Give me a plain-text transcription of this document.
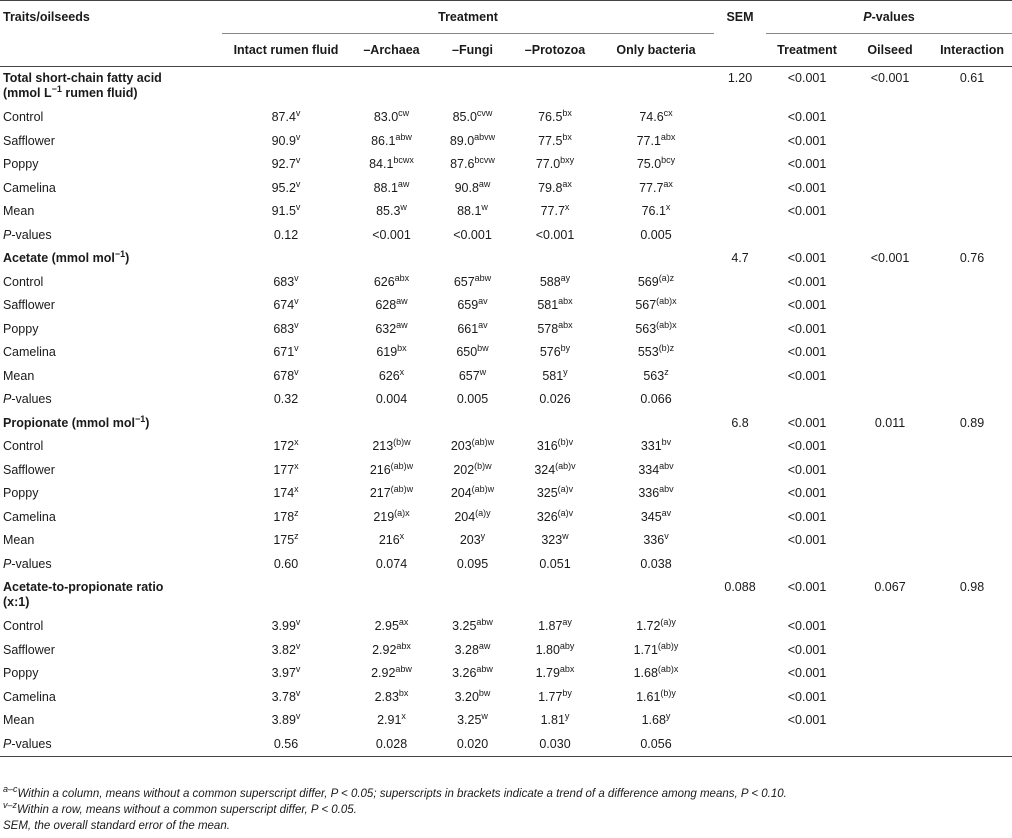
Traits/oilseeds	Treatment					SEM	P-values		
	Intact rumen fluid	–Archaea	–Fungi	–Protozoa	Only bacteria		Treatment	Oilseed	Interaction
Total short-chain fatty acid
(mmol $L^{-1}$ rumen fluid)						1.20	<0.001	<0.001	0.61
Control	87.4$^v$	$83.0^{cw}$	$85.0^{cvw}$	$76.5^{bx}$	$74.6^{cx}$		<0.001		
Safflower	90.9$^v$	$86.1^{abw}$	$89.0^{abvw}$	$77.5^{bx}$	$77.1^{abx}$		<0.001		
Poppy	92.7$^v$	$84.1^{bcwx}$	$87.6^{bcvw}$	$77.0^{bxy}$	$75.0^{bcy}$		<0.001		
Camelina	95.2$^v$	$88.1^{aw}$	$90.8^{aw}$	$79.8^{ax}$	$77.7^{ax}$		<0.001		
Mean	91.5$^v$	85.3$^w$	88.1$^w$	77.7$^x$	76.1$^x$		<0.001		
P-values	0.12	<0.001	<0.001	<0.001	0.005				
Acetate (mmol mol$^{-1}$)						4.7	<0.001	<0.001	0.76
Control	683$^v$	$626^{abx}$	$657^{abw}$	$588^{ay}$	$569^{(a)z}$		<0.001		
Safflower	674$^v$	$628^{aw}$	$659^{av}$	$581^{abx}$	$567^{(ab)x}$		<0.001		
Poppy	683$^v$	$632^{aw}$	$661^{av}$	$578^{abx}$	$563^{(ab)x}$		<0.001		
Camelina	671$^v$	$619^{bx}$	$650^{bw}$	$576^{by}$	$553^{(b)z}$		<0.001		
Mean	678$^v$	626$^x$	657$^w$	581$^y$	563$^z$		<0.001		
P-values	0.32	0.004	0.005	0.026	0.066				
Propionate (mmol mol$^{-1}$)						6.8	<0.001	0.011	0.89
Control	172$^x$	$213^{(b)w}$	$203^{(ab)w}$	$316^{(b)v}$	$331^{bv}$		<0.001		
Safflower	177$^x$	$216^{(ab)w}$	$202^{(b)w}$	$324^{(ab)v}$	$334^{abv}$		<0.001		
Poppy	174$^x$	$217^{(ab)w}$	$204^{(ab)w}$	$325^{(a)v}$	$336^{abv}$		<0.001		
Camelina	178$^z$	$219^{(a)x}$	$204^{(a)y}$	$326^{(a)v}$	$345^{av}$		<0.001		
Mean	175$^z$	216$^x$	203$^y$	323$^w$	336$^v$		<0.001		
P-values	0.60	0.074	0.095	0.051	0.038				
Acetate-to-propionate ratio
(x:1)						0.088	<0.001	0.067	0.98
Control	3.99$^v$	$2.95^{ax}$	$3.25^{abw}$	$1.87^{ay}$	$1.72^{(a)y}$		<0.001		
Safflower	3.82$^v$	$2.92^{abx}$	$3.28^{aw}$	$1.80^{aby}$	$1.71^{(ab)y}$		<0.001		
Poppy	3.97$^v$	$2.92^{abw}$	$3.26^{abw}$	$1.79^{abx}$	$1.68^{(ab)x}$		<0.001		
Camelina	3.78$^v$	$2.83^{bx}$	$3.20^{bw}$	$1.77^{by}$	$1.61^{(b)y}$		<0.001		
Mean	3.89$^v$	2.91$^x$	3.25$^w$	1.81$^y$	1.68$^y$		<0.001		
P-values	0.56	0.028	0.020	0.030	0.056				
$^{a-c}$Within a column, means without a common superscript differ, P < 0.05; superscripts in brackets indicate a trend of a difference among means, P < 0.10.
$^{v-z}$Within a row, means without a common superscript differ, P < 0.05.
SEM, the overall standard error of the mean.
